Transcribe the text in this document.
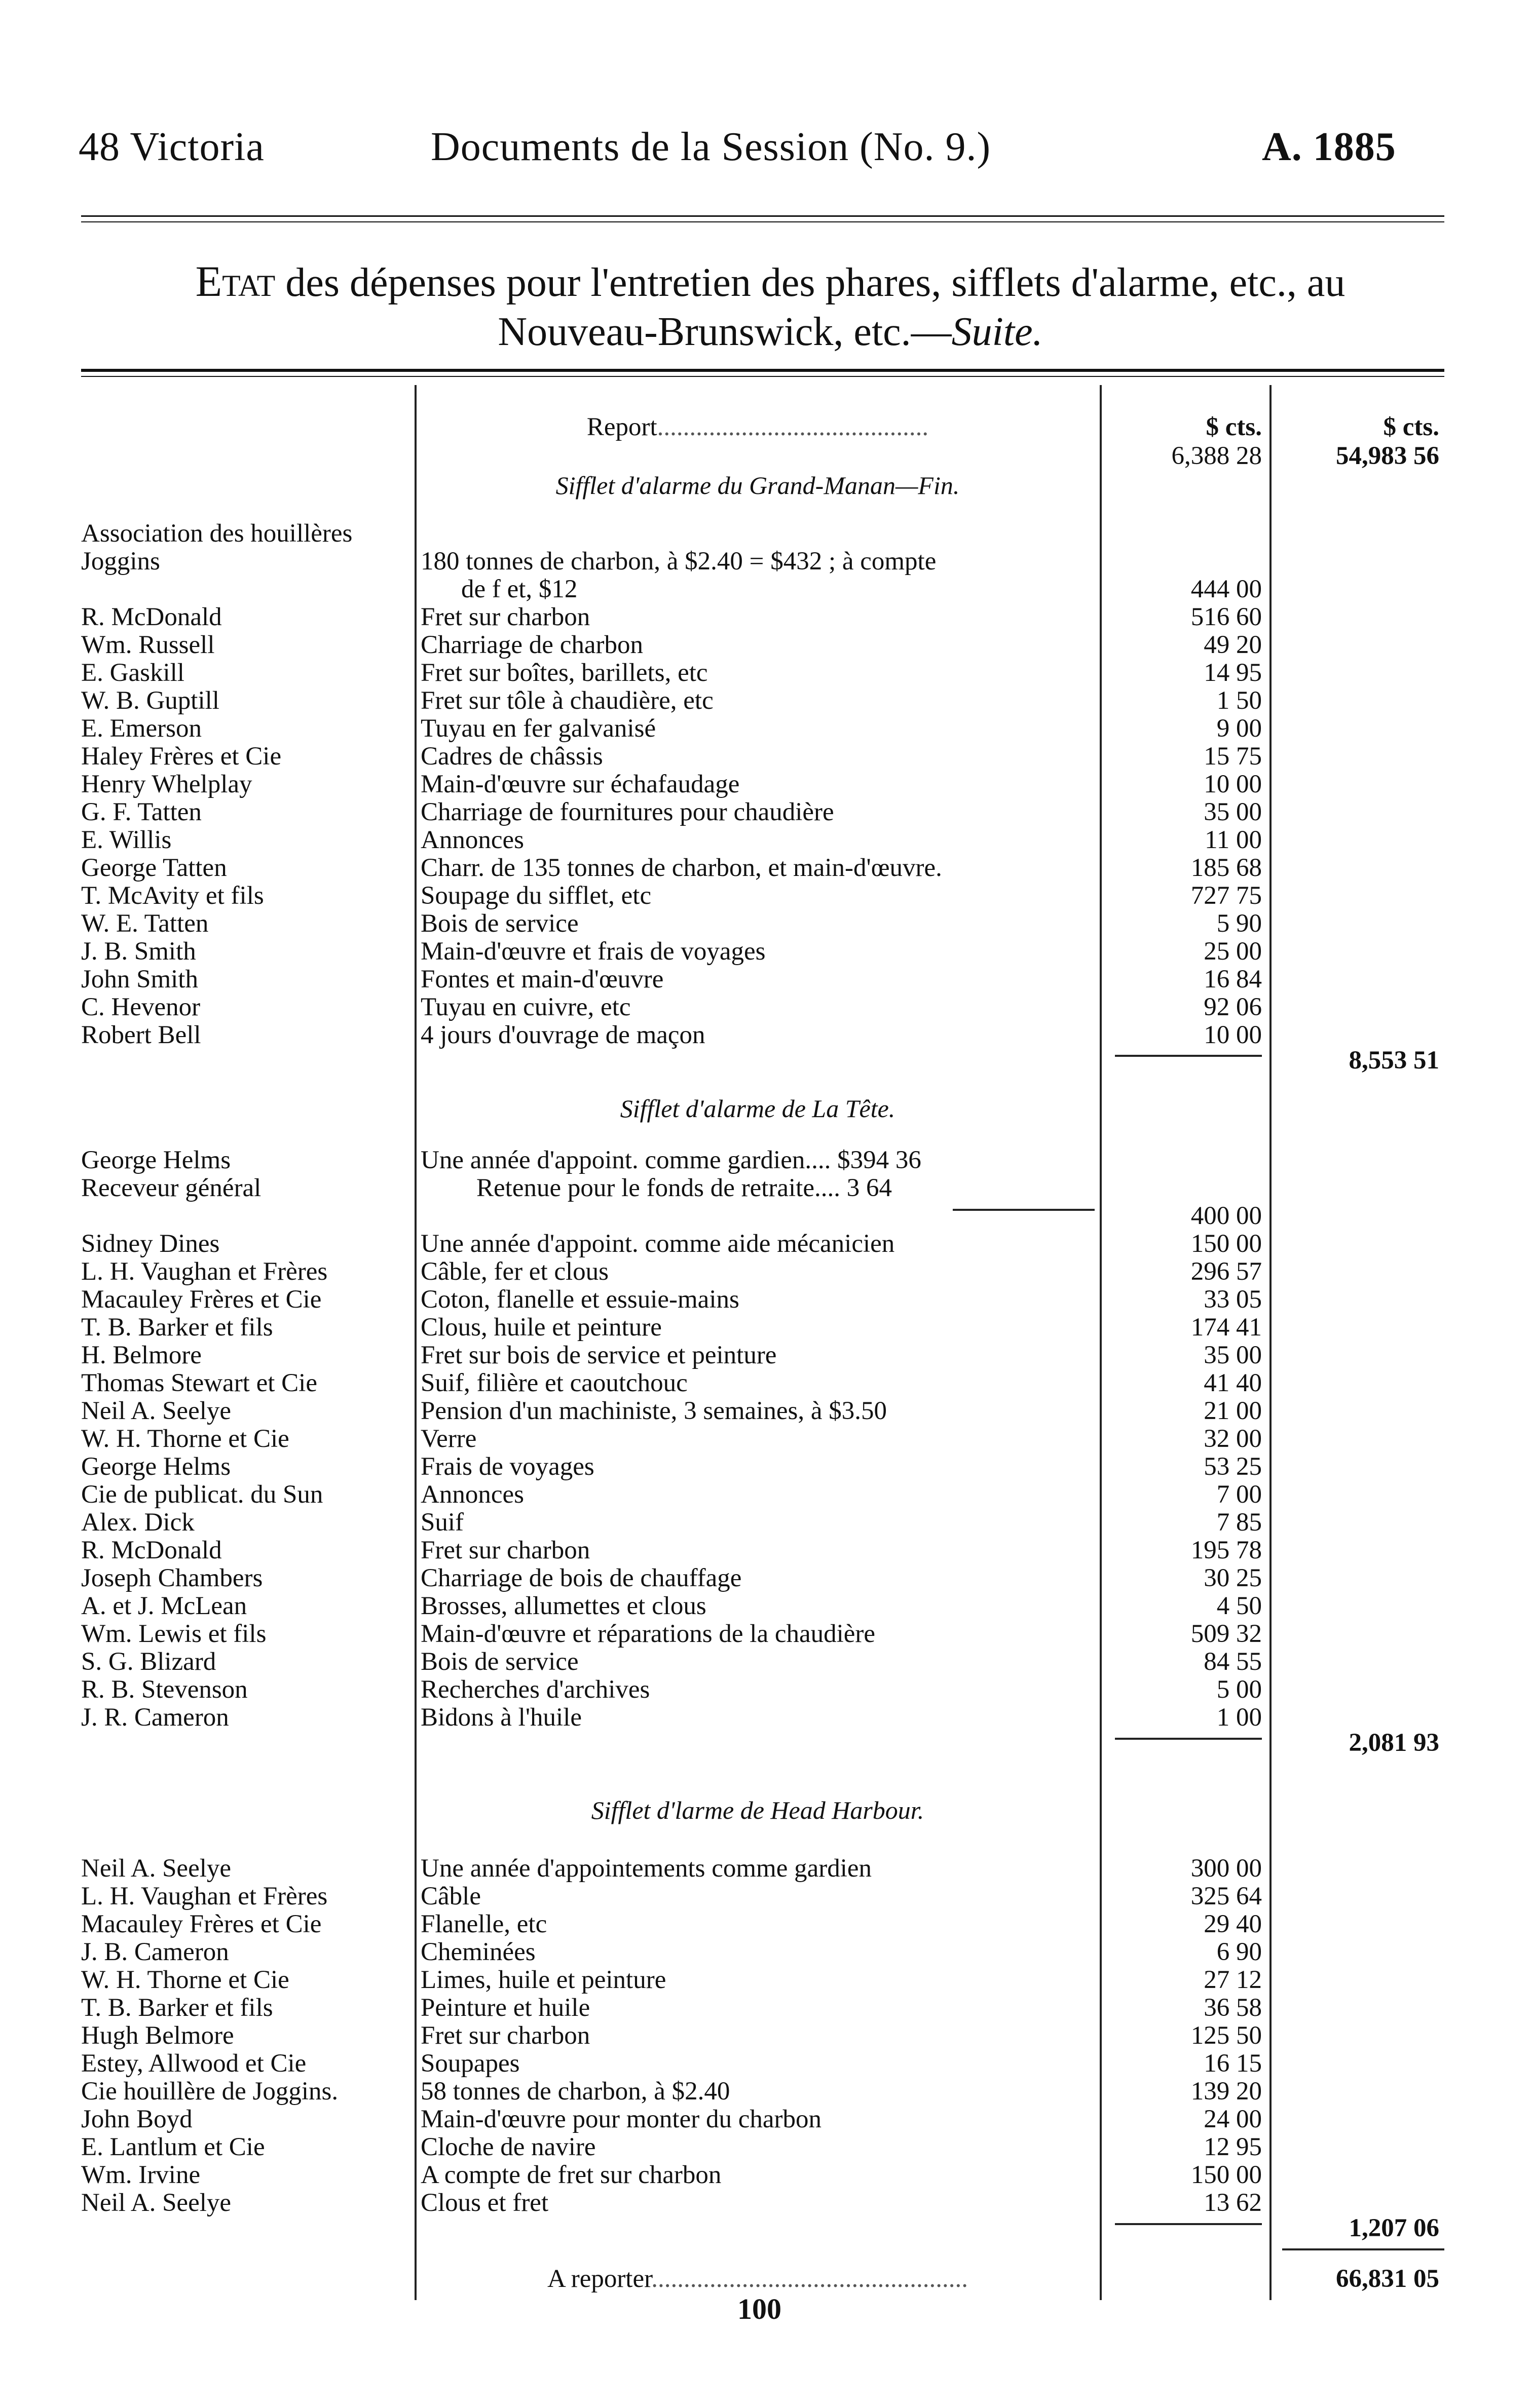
48 Victoria	Documents de la Session (No. 9.)	A. 1885
Etat des dépenses pour l'entretien des phares, sifflets d'alarme, etc., au
Nouveau-Brunswick, etc.—Suite.
$ cts.	$ cts.
Report..........................................
6,388 28	54,983 56
Sifflet d'alarme du Grand-Manan—Fin.
Association des houillères
Joggins	180 tonnes de charbon, à $2.40 = $432 ; à compte
de f et, $12	444 00
R. McDonald	Fret sur charbon	516 60
Wm. Russell	Charriage de charbon	49 20
E. Gaskill	Fret sur boîtes, barillets, etc	14 95
W. B. Guptill	Fret sur tôle à chaudière, etc	1 50
E. Emerson	Tuyau en fer galvanisé	9 00
Haley Frères et Cie	Cadres de châssis	15 75
Henry Whelplay	Main-d'œuvre sur échafaudage	10 00
G. F. Tatten	Charriage de fournitures pour chaudière	35 00
E. Willis	Annonces	11 00
George Tatten	Charr. de 135 tonnes de charbon, et main-d'œuvre.	185 68
T. McAvity et fils	Soupage du sifflet, etc	727 75
W. E. Tatten	Bois de service	5 90
J. B. Smith	Main-d'œuvre et frais de voyages	25 00
John Smith	Fontes et main-d'œuvre	16 84
C. Hevenor	Tuyau en cuivre, etc	92 06
Robert Bell	4 jours d'ouvrage de maçon	10 00
8,553 51
Sifflet d'alarme de La Tête.
George Helms	Une année d'appoint. comme gardien.... $394 36
Receveur général	Retenue pour le fonds de retraite.... 3 64
400 00
Sidney Dines	Une année d'appoint. comme aide mécanicien	150 00
L. H. Vaughan et Frères	Câble, fer et clous	296 57
Macauley Frères et Cie	Coton, flanelle et essuie-mains	33 05
T. B. Barker et fils	Clous, huile et peinture	174 41
H. Belmore	Fret sur bois de service et peinture	35 00
Thomas Stewart et Cie	Suif, filière et caoutchouc	41 40
Neil A. Seelye	Pension d'un machiniste, 3 semaines, à $3.50	21 00
W. H. Thorne et Cie	Verre	32 00
George Helms	Frais de voyages	53 25
Cie de publicat. du Sun	Annonces	7 00
Alex. Dick	Suif	7 85
R. McDonald	Fret sur charbon	195 78
Joseph Chambers	Charriage de bois de chauffage	30 25
A. et J. McLean	Brosses, allumettes et clous	4 50
Wm. Lewis et fils	Main-d'œuvre et réparations de la chaudière	509 32
S. G. Blizard	Bois de service	84 55
R. B. Stevenson	Recherches d'archives	5 00
J. R. Cameron	Bidons à l'huile	1 00
2,081 93
Sifflet d'larme de Head Harbour.
Neil A. Seelye	Une année d'appointements comme gardien	300 00
L. H. Vaughan et Frères	Câble	325 64
Macauley Frères et Cie	Flanelle, etc	29 40
J. B. Cameron	Cheminées	6 90
W. H. Thorne et Cie	Limes, huile et peinture	27 12
T. B. Barker et fils	Peinture et huile	36 58
Hugh Belmore	Fret sur charbon	125 50
Estey, Allwood et Cie	Soupapes	16 15
Cie houillère de Joggins.	58 tonnes de charbon, à $2.40	139 20
John Boyd	Main-d'œuvre pour monter du charbon	24 00
E. Lantlum et Cie	Cloche de navire	12 95
Wm. Irvine	A compte de fret sur charbon	150 00
Neil A. Seelye	Clous et fret	13 62
1,207 06
A reporter.................................................	66,831 05
100
